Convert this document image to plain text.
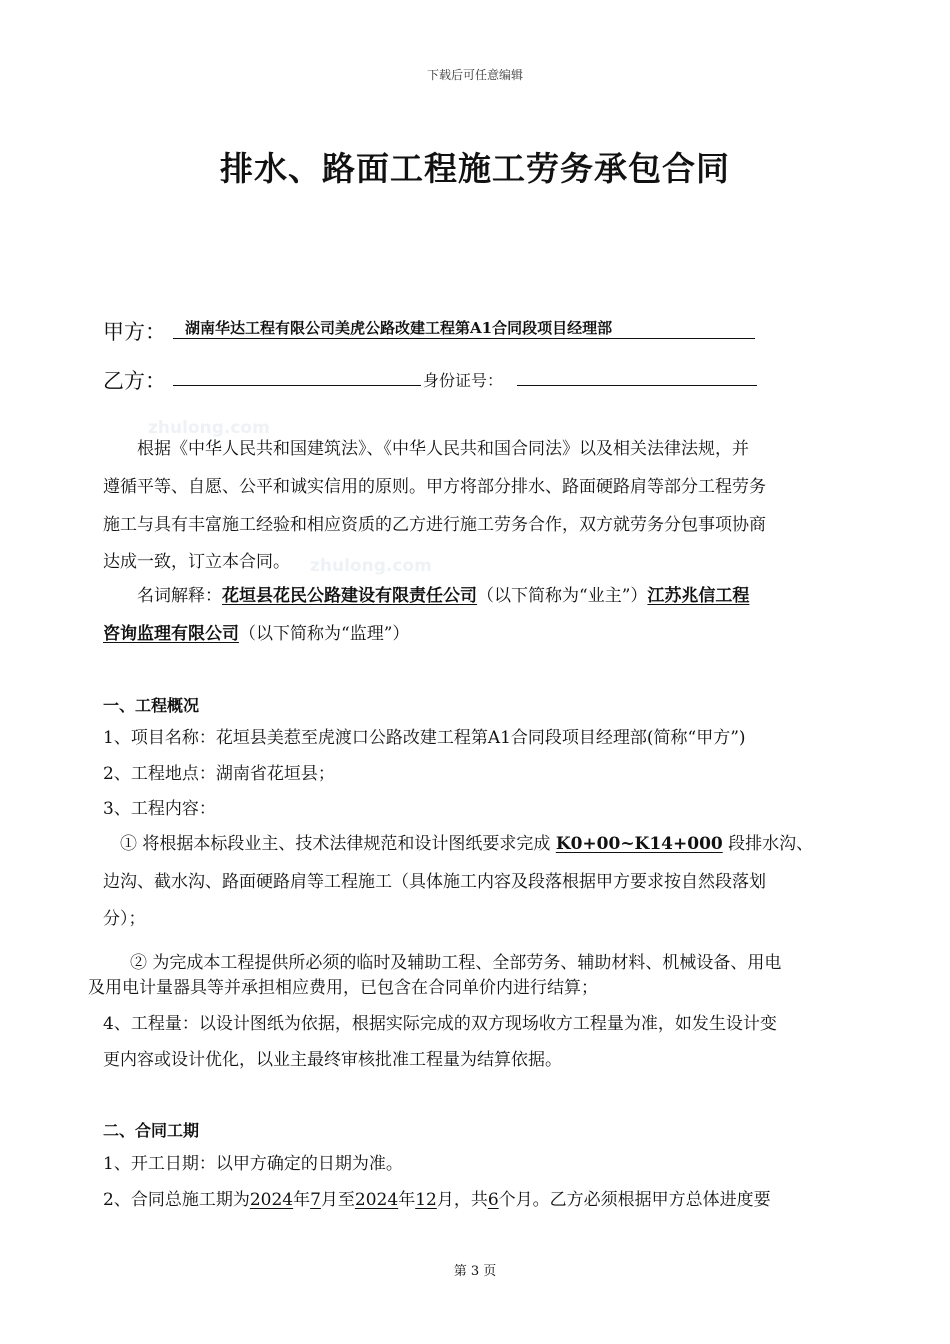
下载后可任意编辑
排水、路面工程施工劳务承包合同
甲方：	湖南华达工程有限公司美虎公路改建工程第A1合同段项目经理部
乙方：	身份证号：
zhulong.com
zhulong.com
根据《中华人民共和国建筑法》、《中华人民共和国合同法》以及相关法律法规，并
遵循平等、自愿、公平和诚实信用的原则。甲方将部分排水、路面硬路肩等部分工程劳务
施工与具有丰富施工经验和相应资质的乙方进行施工劳务合作，双方就劳务分包事项协商
达成一致，订立本合同。
名词解释：花垣县花民公路建设有限责任公司（以下简称为“业主”）江苏兆信工程
咨询监理有限公司（以下简称为“监理”）
一、工程概况
1、项目名称：花垣县美惹至虎渡口公路改建工程第A1合同段项目经理部(简称“甲方”)
2、工程地点：湖南省花垣县；
3、工程内容：
① 将根据本标段业主、技术法律规范和设计图纸要求完成 K0+00~K14+000 段排水沟、
边沟、截水沟、路面硬路肩等工程施工（具体施工内容及段落根据甲方要求按自然段落划
分）；
② 为完成本工程提供所必须的临时及辅助工程、全部劳务、辅助材料、机械设备、用电
及用电计量器具等并承担相应费用，已包含在合同单价内进行结算；
4、工程量：以设计图纸为依据，根据实际完成的双方现场收方工程量为准，如发生设计变
更内容或设计优化，以业主最终审核批准工程量为结算依据。
二、合同工期
1、开工日期：以甲方确定的日期为准。
2、合同总施工期为2024年7月至2024年12月，共6个月。乙方必须根据甲方总体进度要
第 3 页
